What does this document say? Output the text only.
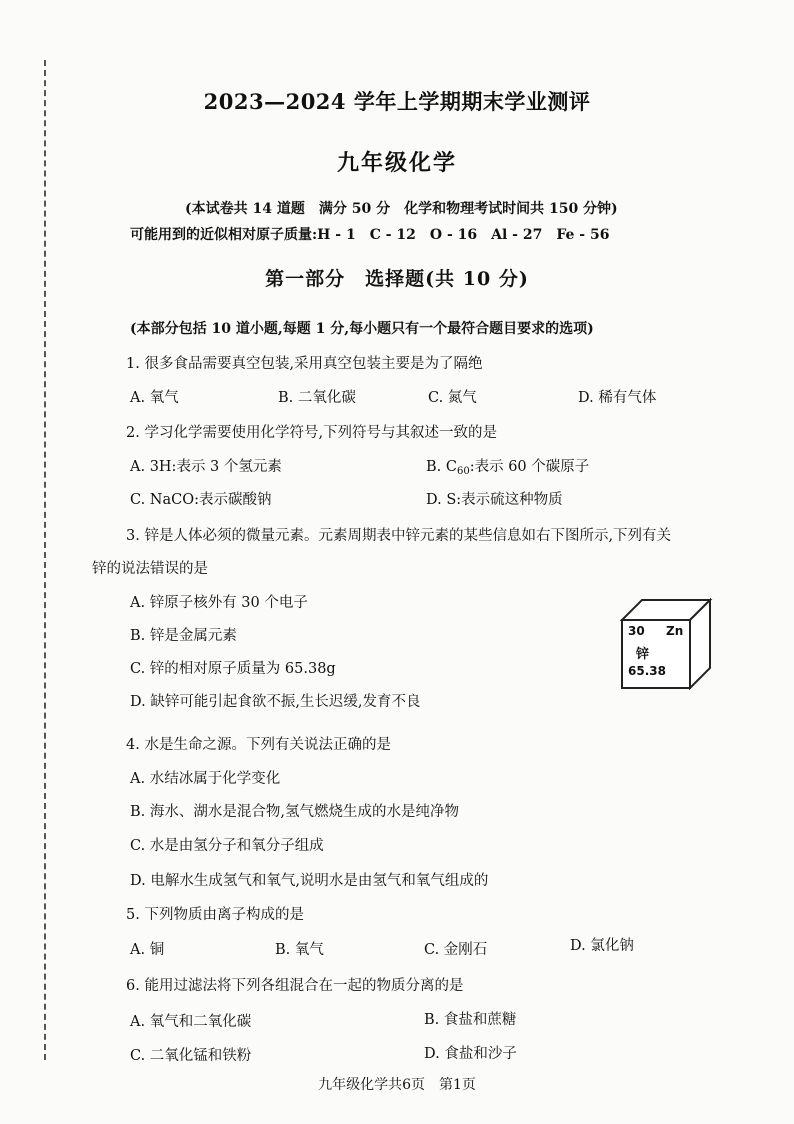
2023—2024 学年上学期期末学业测评
九年级化学
(本试卷共 14 道题　满分 50 分　化学和物理考试时间共 150 分钟)
可能用到的近似相对原子质量:H - 1　C - 12　O - 16　Al - 27　Fe - 56
第一部分　选择题(共 10 分)
(本部分包括 10 道小题,每题 1 分,每小题只有一个最符合题目要求的选项)
1. 很多食品需要真空包装,采用真空包装主要是为了隔绝
A. 氧气	B. 二氧化碳	C. 氮气	D. 稀有气体
2. 学习化学需要使用化学符号,下列符号与其叙述一致的是
A. 3H:表示 3 个氢元素	B. $C_{60}$:表示 60 个碳原子
C. NaCO:表示碳酸钠	D. S:表示硫这种物质
3. 锌是人体必须的微量元素。元素周期表中锌元素的某些信息如右下图所示,下列有关
锌的说法错误的是
A. 锌原子核外有 30 个电子
B. 锌是金属元素
C. 锌的相对原子质量为 65.38g
D. 缺锌可能引起食欲不振,生长迟缓,发育不良
30 Zn
锌
65.38
4. 水是生命之源。下列有关说法正确的是
A. 水结冰属于化学变化
B. 海水、湖水是混合物,氢气燃烧生成的水是纯净物
C. 水是由氢分子和氧分子组成
D. 电解水生成氢气和氧气,说明水是由氢气和氧气组成的
5. 下列物质由离子构成的是
A. 铜	B. 氧气	C. 金刚石	D. 氯化钠
6. 能用过滤法将下列各组混合在一起的物质分离的是
A. 氧气和二氧化碳	B. 食盐和蔗糖
C. 二氧化锰和铁粉	D. 食盐和沙子
九年级化学共6页　第1页
